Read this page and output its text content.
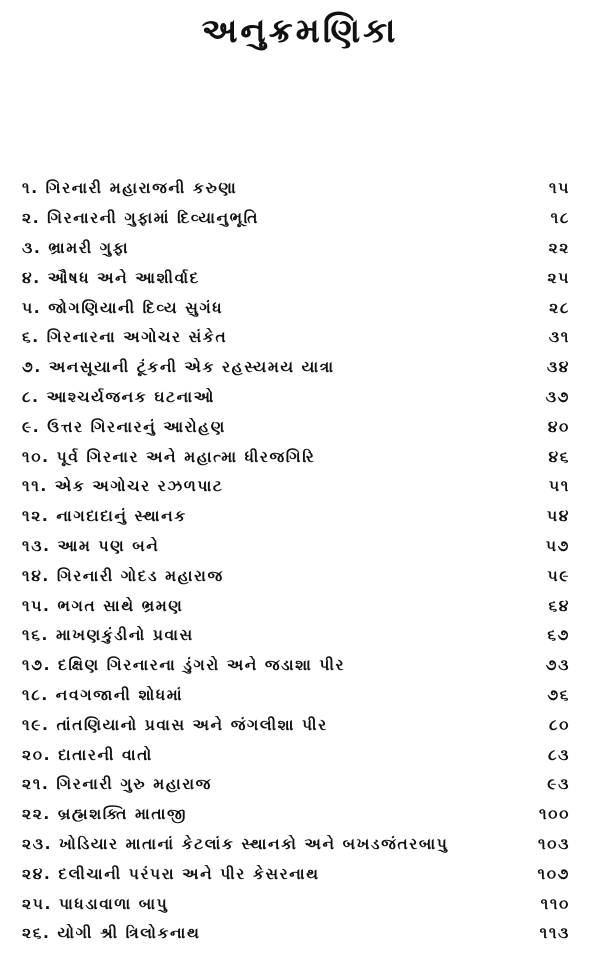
અનુક્રમણિકા
૧. ગિરનારી મહારાજની કરુણા	૧૫
૨. ગિરનારની ગુફામાં દિવ્યાનુભૂતિ	૧૮
૩. ભ્રામરી ગુફા	૨૨
૪. ઔષધ અને આશીર્વાદ	૨૫
૫. જોગણિયાની દિવ્ય સુગંધ	૨૮
૬. ગિરનારના અગોચર સંકેત	૩૧
૭. અનસૂયાની ટૂંકની એક રહસ્યમય યાત્રા	૩૪
૮. આશ્ચર્યજનક ઘટનાઓ	૩૭
૯. ઉત્તર ગિરનારનું આરોહણ	૪૦
૧૦. પૂર્વ ગિરનાર અને મહાત્મા ધીરજગિરિ	૪૬
૧૧. એક અગોચર રઝળપાટ	૫૧
૧૨. નાગદાદાનું સ્થાનક	૫૪
૧૩. આમ પણ બને	૫૭
૧૪. ગિરનારી ગોદડ મહારાજ	૫૯
૧૫. ભગત સાથે ભ્રમણ	૬૪
૧૬. માખણકુંડીનો પ્રવાસ	૬૭
૧૭. દક્ષિણ ગિરનારના ડુંગરો અને જડાશા પીર	૭૩
૧૮. નવગજાની શોધમાં	૭૬
૧૯. તાંતણિયાનો પ્રવાસ અને જંગલીશા પીર	૮૦
૨૦. દાતારની વાતો	૮૩
૨૧. ગિરનારી ગુરુ મહારાજ	૯૩
૨૨. બ્રહ્મશક્તિ માતાજી	૧૦૦
૨૩. ખોડિયાર માતાનાં કેટલાંક સ્થાનકો અને બખડજંતરબાપુ	૧૦૩
૨૪. દલીચાની પરંપરા અને પીર કેસરનાથ	૧૦૭
૨૫. પાધડાવાળા બાપુ	૧૧૦
૨૬. યોગી શ્રી ત્રિલોકનાથ	૧૧૩
